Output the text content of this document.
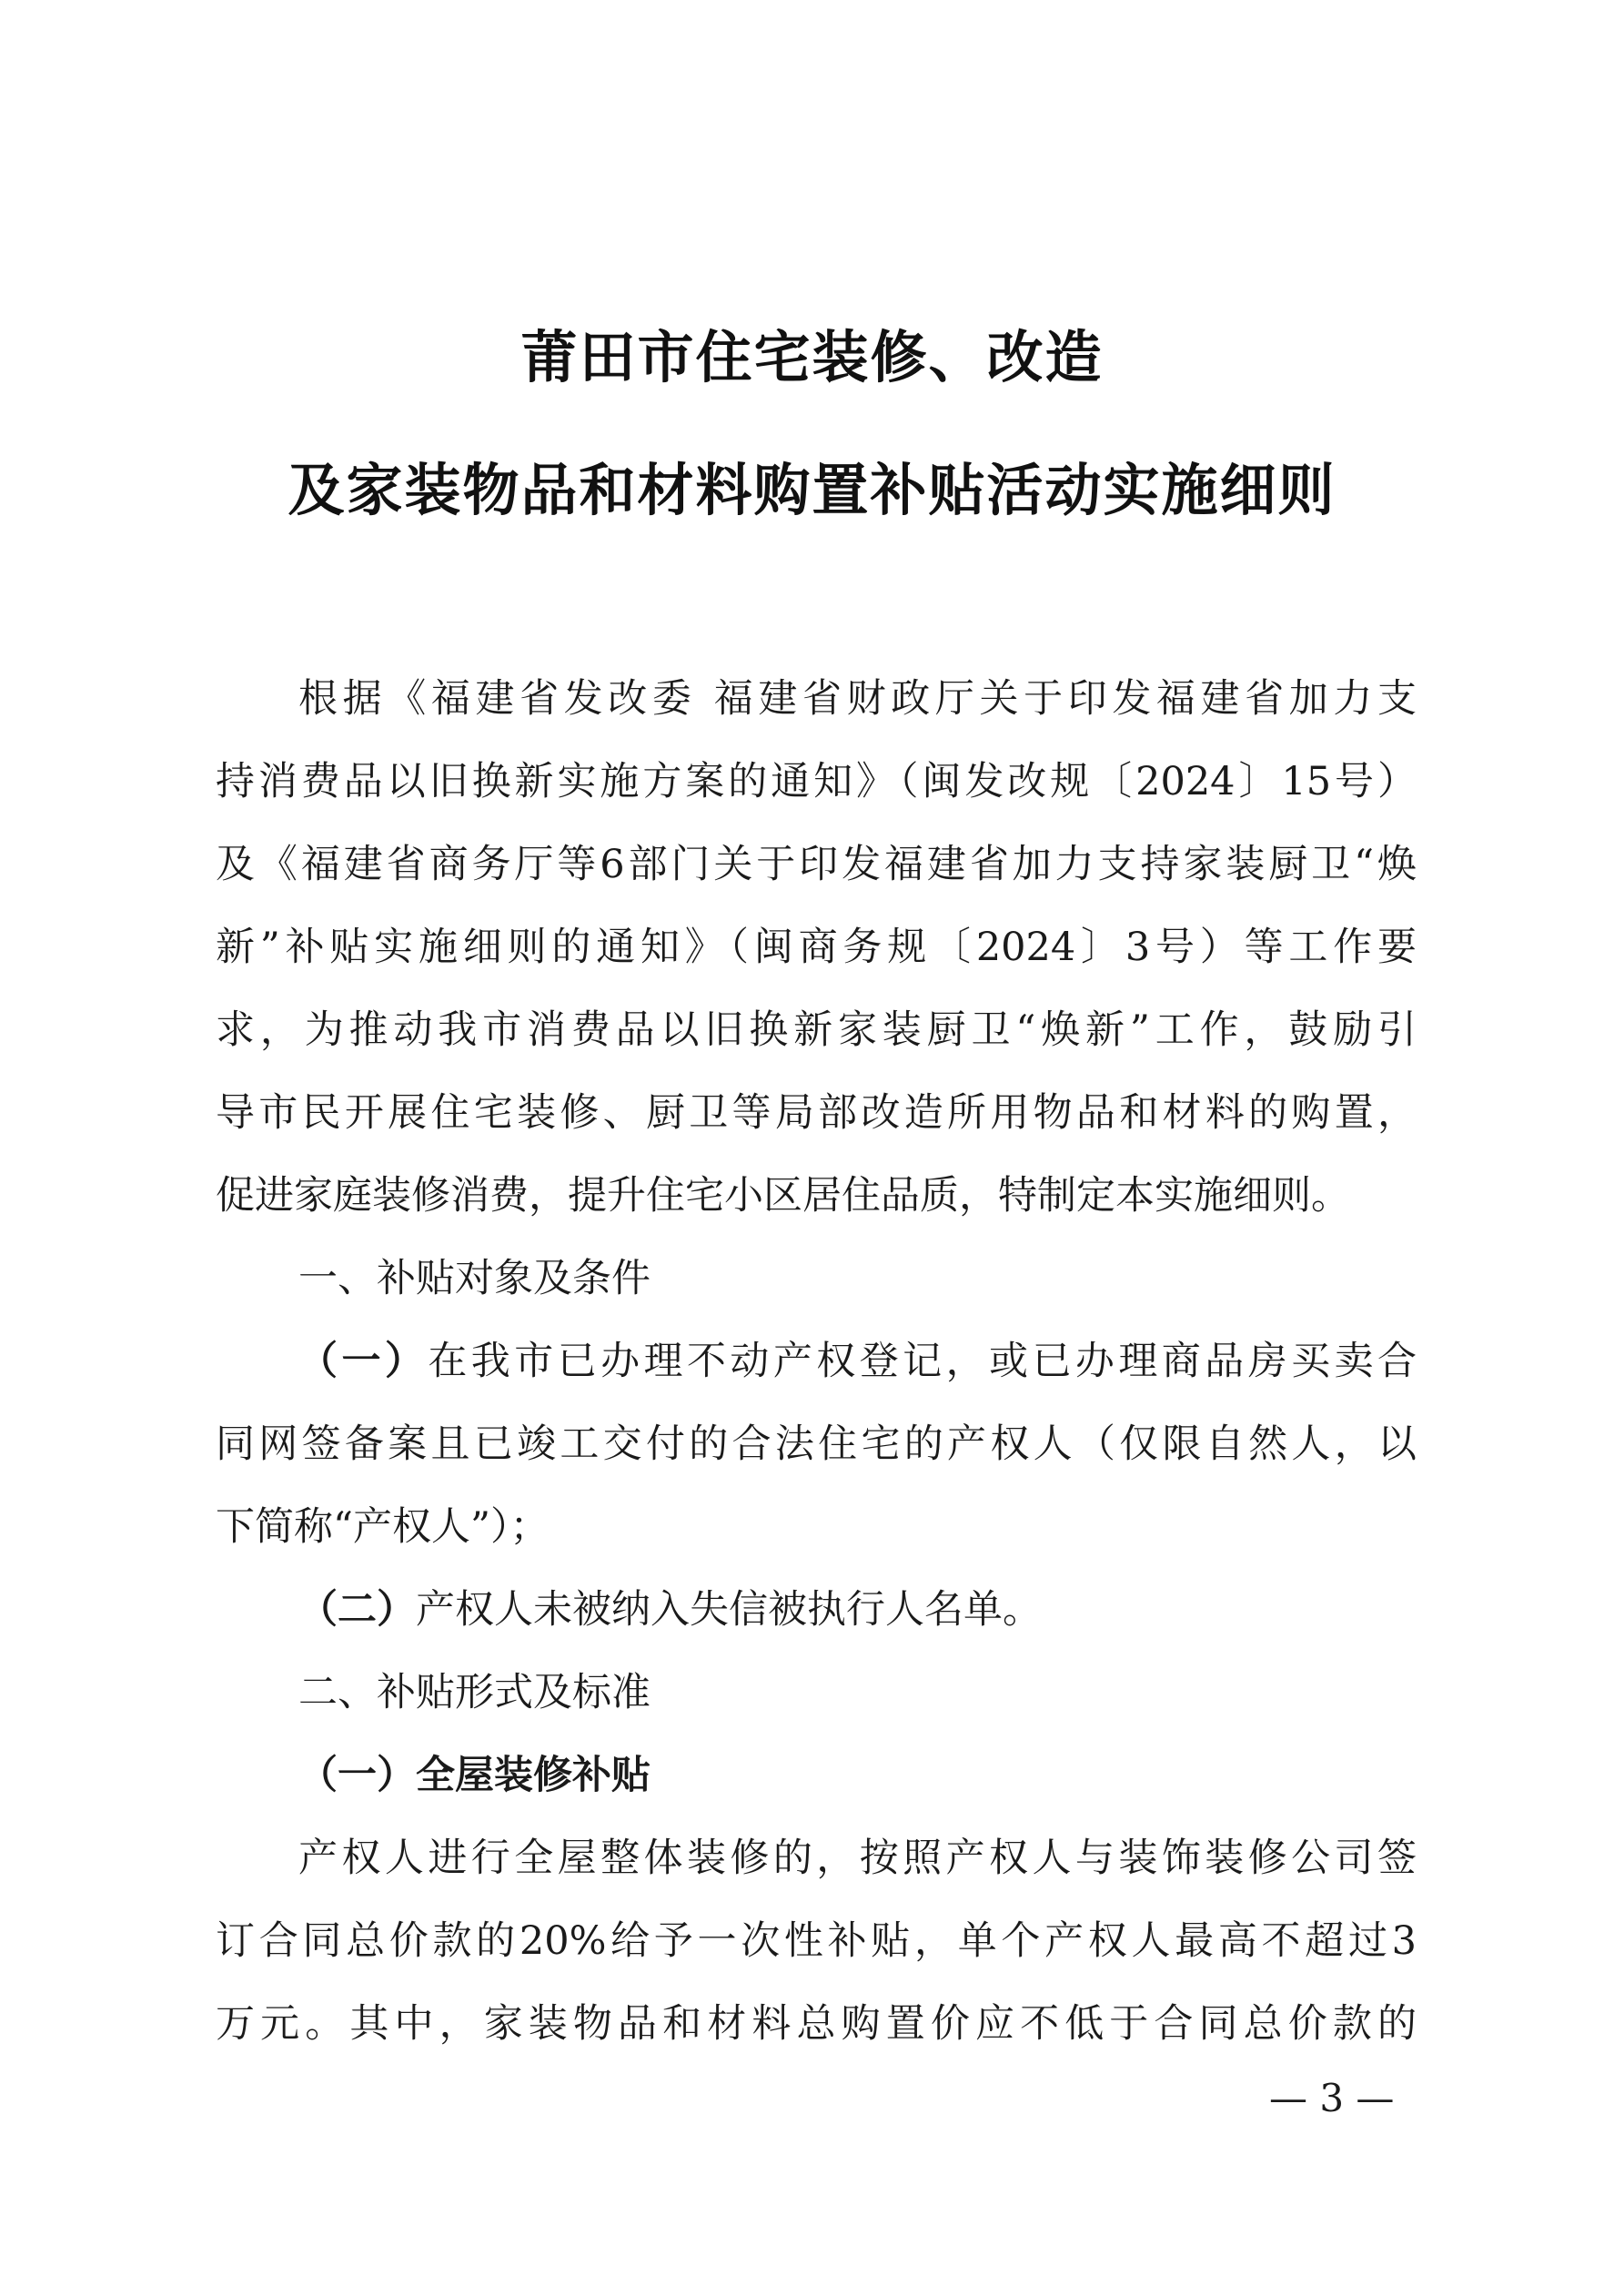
莆田市住宅装修、改造
及家装物品和材料购置补贴活动实施细则
根据《福建省发改委 福建省财政厅关于印发福建省加力支
持消费品以旧换新实施方案的通知》（闽发改规〔2024〕15号）
及《福建省商务厅等6部门关于印发福建省加力支持家装厨卫“焕
新”补贴实施细则的通知》（闽商务规〔2024〕3号）等工作要
求，为推动我市消费品以旧换新家装厨卫“焕新”工作，鼓励引
导市民开展住宅装修、厨卫等局部改造所用物品和材料的购置，
促进家庭装修消费，提升住宅小区居住品质，特制定本实施细则。
一、补贴对象及条件
（一）在我市已办理不动产权登记，或已办理商品房买卖合
同网签备案且已竣工交付的合法住宅的产权人（仅限自然人，以
下简称“产权人”）；
（二）产权人未被纳入失信被执行人名单。
二、补贴形式及标准
（一）全屋装修补贴
产权人进行全屋整体装修的，按照产权人与装饰装修公司签
订合同总价款的20%给予一次性补贴，单个产权人最高不超过3
万元。其中，家装物品和材料总购置价应不低于合同总价款的
— 3 —
